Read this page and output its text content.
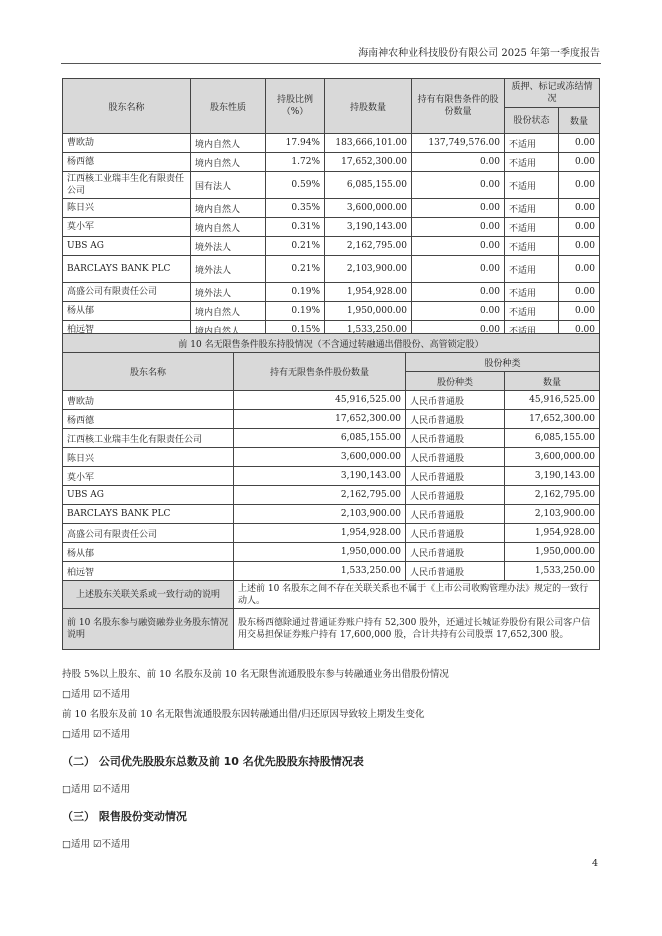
海南神农种业科技股份有限公司 2025 年第一季度报告
股东名称	股东性质	持股比例（%）	持股数量	持有有限售条件的股份数量	质押、标记或冻结情况	
					股份状态	数量
曹欧劼	境内自然人	17.94%	183,666,101.00	137,749,576.00	不适用	0.00
杨西德	境内自然人	1.72%	17,652,300.00	0.00	不适用	0.00
江西核工业瑞丰生化有限责任公司	国有法人	0.59%	6,085,155.00	0.00	不适用	0.00
陈日兴	境内自然人	0.35%	3,600,000.00	0.00	不适用	0.00
莫小军	境内自然人	0.31%	3,190,143.00	0.00	不适用	0.00
UBS AG	境外法人	0.21%	2,162,795.00	0.00	不适用	0.00
BARCLAYS BANK PLC	境外法人	0.21%	2,103,900.00	0.00	不适用	0.00
高盛公司有限责任公司	境外法人	0.19%	1,954,928.00	0.00	不适用	0.00
杨从郁	境内自然人	0.19%	1,950,000.00	0.00	不适用	0.00
柏远智	境内自然人	0.15%	1,533,250.00	0.00	不适用	0.00
前 10 名无限售条件股东持股情况（不含通过转融通出借股份、高管锁定股）			
股东名称	持有无限售条件股份数量	股份种类	
		股份种类	数量
曹欧劼	45,916,525.00	人民币普通股	45,916,525.00
杨西德	17,652,300.00	人民币普通股	17,652,300.00
江西核工业瑞丰生化有限责任公司	6,085,155.00	人民币普通股	6,085,155.00
陈日兴	3,600,000.00	人民币普通股	3,600,000.00
莫小军	3,190,143.00	人民币普通股	3,190,143.00
UBS AG	2,162,795.00	人民币普通股	2,162,795.00
BARCLAYS BANK PLC	2,103,900.00	人民币普通股	2,103,900.00
高盛公司有限责任公司	1,954,928.00	人民币普通股	1,954,928.00
杨从郁	1,950,000.00	人民币普通股	1,950,000.00
柏远智	1,533,250.00	人民币普通股	1,533,250.00
上述股东关联关系或一致行动的说明	上述前 10 名股东之间不存在关联关系也不属于《上市公司收购管理办法》规定的一致行动人。		
前 10 名股东参与融资融券业务股东情况说明	股东杨西德除通过普通证券账户持有 52,300 股外，还通过长城证券股份有限公司客户信用交易担保证券账户持有 17,600,000 股，合计共持有公司股票 17,652,300 股。		
持股 5%以上股东、前 10 名股东及前 10 名无限售流通股股东参与转融通业务出借股份情况
□适用 ☑不适用
前 10 名股东及前 10 名无限售流通股股东因转融通出借/归还原因导致较上期发生变化
□适用 ☑不适用
（二） 公司优先股股东总数及前 10 名优先股股东持股情况表
□适用 ☑不适用
（三） 限售股份变动情况
□适用 ☑不适用
4
